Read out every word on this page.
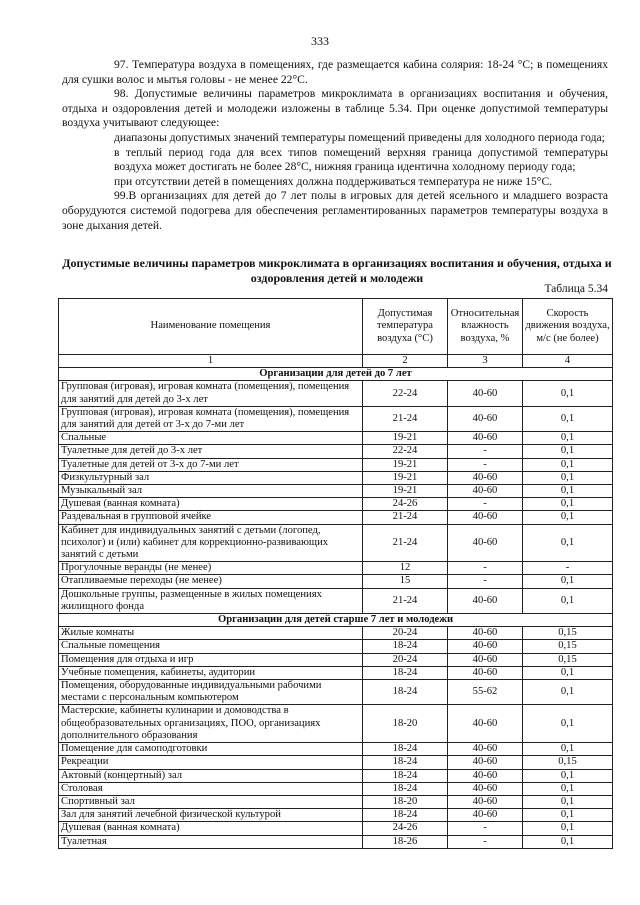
333

97. Температура воздуха в помещениях, где размещается кабина солярия: 18-24 °С; в помещениях для сушки волос и мытья головы - не менее 22°С.

98. Допустимые величины параметров микроклимата в организациях воспитания и обучения, отдыха и оздоровления детей и молодежи изложены в таблице 5.34. При оценке допустимой температуры воздуха учитывают следующее:

диапазоны допустимых значений температуры помещений приведены для холодного периода года;

в теплый период года для всех типов помещений верхняя граница допустимой температуры воздуха может достигать не более 28°С, нижняя граница идентична холодному периоду года;

при отсутствии детей в помещениях должна поддерживаться температура не ниже 15°С.

99.В организациях для детей до 7 лет полы в игровых для детей ясельного и младшего возраста оборудуются системой подогрева для обеспечения регламентированных параметров температуры воздуха в зоне дыхания детей.

Допустимые величины параметров микроклимата в организациях воспитания и обучения, отдыха и оздоровления детей и молодежи
Таблица 5.34
Наименование помещения	Допустимая температура воздуха (°С)	Относительная влажность воздуха, %	Скорость движения воздуха, м/с (не более)
1	2	3	4
Организации для детей до 7 лет			
Групповая (игровая), игровая комната (помещения), помещения для занятий для детей до 3-х лет	22-24	40-60	0,1
Групповая (игровая), игровая комната (помещения), помещения для занятий для детей от 3-х до 7-ми лет	21-24	40-60	0,1
Спальные	19-21	40-60	0,1
Туалетные для детей до 3-х лет	22-24	-	0,1
Туалетные для детей от 3-х до 7-ми лет	19-21	-	0,1
Физкультурный зал	19-21	40-60	0,1
Музыкальный зал	19-21	40-60	0,1
Душевая (ванная комната)	24-26	-	0,1
Раздевальная в групповой ячейке	21-24	40-60	0,1
Кабинет для индивидуальных занятий с детьми (логопед, психолог) и (или) кабинет для коррекционно-развивающих занятий с детьми	21-24	40-60	0,1
Прогулочные веранды (не менее)	12	-	-
Отапливаемые переходы (не менее)	15	-	0,1
Дошкольные группы, размещенные в жилых помещениях жилищного фонда	21-24	40-60	0,1
Организации для детей старше 7 лет и молодежи			
Жилые комнаты	20-24	40-60	0,15
Спальные помещения	18-24	40-60	0,15
Помещения для отдыха и игр	20-24	40-60	0,15
Учебные помещения, кабинеты, аудитории	18-24	40-60	0,1
Помещения, оборудованные индивидуальными рабочими местами с персональным компьютером	18-24	55-62	0,1
Мастерские, кабинеты кулинарии и домоводства в общеобразовательных организациях, ПОО, организациях дополнительного образования	18-20	40-60	0,1
Помещение для самоподготовки	18-24	40-60	0,1
Рекреации	18-24	40-60	0,15
Актовый (концертный) зал	18-24	40-60	0,1
Столовая	18-24	40-60	0,1
Спортивный зал	18-20	40-60	0,1
Зал для занятий лечебной физической культурой	18-24	40-60	0,1
Душевая (ванная комната)	24-26	-	0,1
Туалетная	18-26	-	0,1
